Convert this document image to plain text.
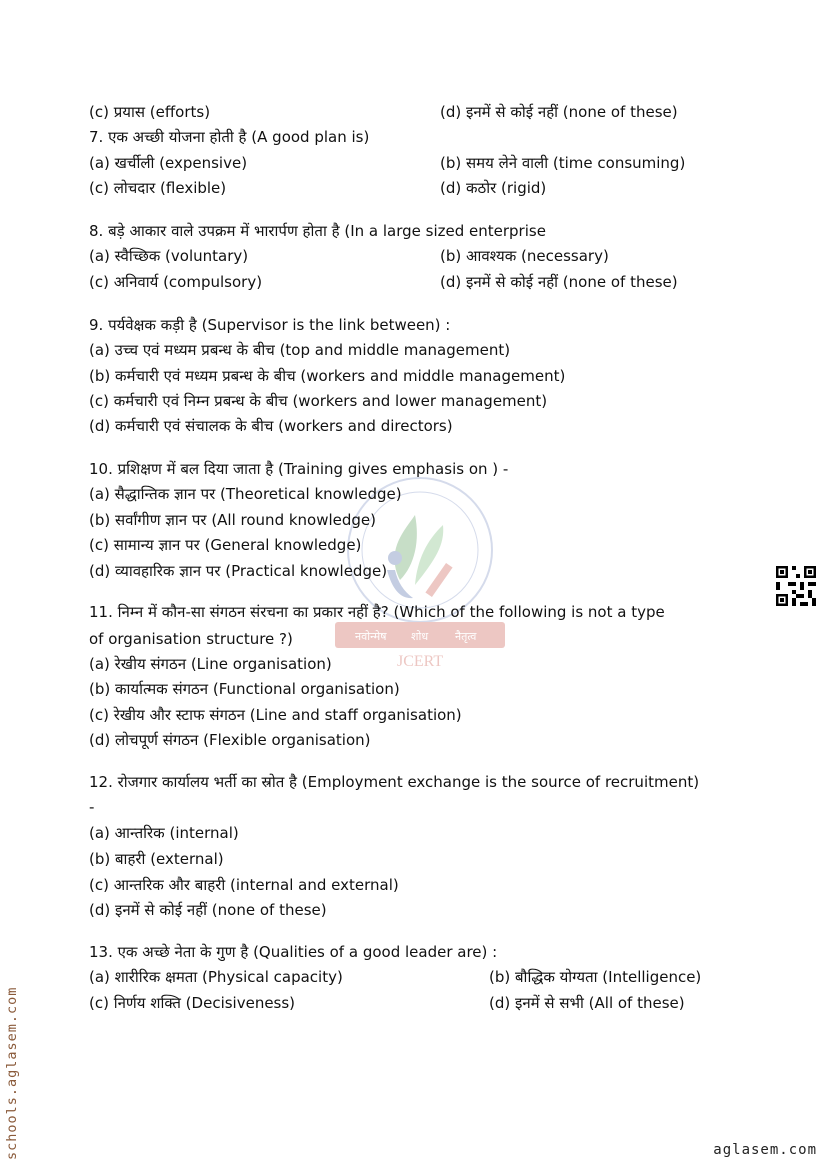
नवोन्मेष शोध नैतृत्व
JCERT
(c) प्रयास (efforts)	(d) इनमें से कोई नहीं (none of these)
7. एक अच्छी योजना होती है (A good plan is)
(a) खर्चीली (expensive)	(b) समय लेने वाली (time consuming)
(c) लोचदार (flexible)	(d) कठोर (rigid)
8. बड़े आकार वाले उपक्रम में भारार्पण होता है (In a large sized enterprise
(a) स्वैच्छिक (voluntary)	(b) आवश्यक (necessary)
(c) अनिवार्य (compulsory)	(d) इनमें से कोई नहीं (none of these)
9. पर्यवेक्षक कड़ी है (Supervisor is the link between) :
(a) उच्च एवं मध्यम प्रबन्ध के बीच (top and middle management)
(b) कर्मचारी एवं मध्यम प्रबन्ध के बीच (workers and middle management)
(c) कर्मचारी एवं निम्न प्रबन्ध के बीच (workers and lower management)
(d) कर्मचारी एवं संचालक के बीच (workers and directors)
10. प्रशिक्षण में बल दिया जाता है (Training gives emphasis on ) -
(a) सैद्धान्तिक ज्ञान पर (Theoretical knowledge)
(b) सर्वांगीण ज्ञान पर (All round knowledge)
(c) सामान्य ज्ञान पर (General knowledge)
(d) व्यावहारिक ज्ञान पर (Practical knowledge)
11. निम्न में कौन-सा संगठन संरचना का प्रकार नहीं है? (Which of the following is not a type
of organisation structure ?)
(a) रेखीय संगठन (Line organisation)
(b) कार्यात्मक संगठन (Functional organisation)
(c) रेखीय और स्टाफ संगठन (Line and staff organisation)
(d) लोचपूर्ण संगठन (Flexible organisation)
12. रोजगार कार्यालय भर्ती का स्रोत है (Employment exchange is the source of recruitment)
-
(a) आन्तरिक (internal)
(b) बाहरी (external)
(c) आन्तरिक और बाहरी (internal and external)
(d) इनमें से कोई नहीं (none of these)
13. एक अच्छे नेता के गुण है (Qualities of a good leader are) :
(a) शारीरिक क्षमता (Physical capacity)	(b) बौद्धिक योग्यता (Intelligence)
(c) निर्णय शक्ति (Decisiveness)	(d) इनमें से सभी (All of these)
schools.aglasem.com	aglasem.com
